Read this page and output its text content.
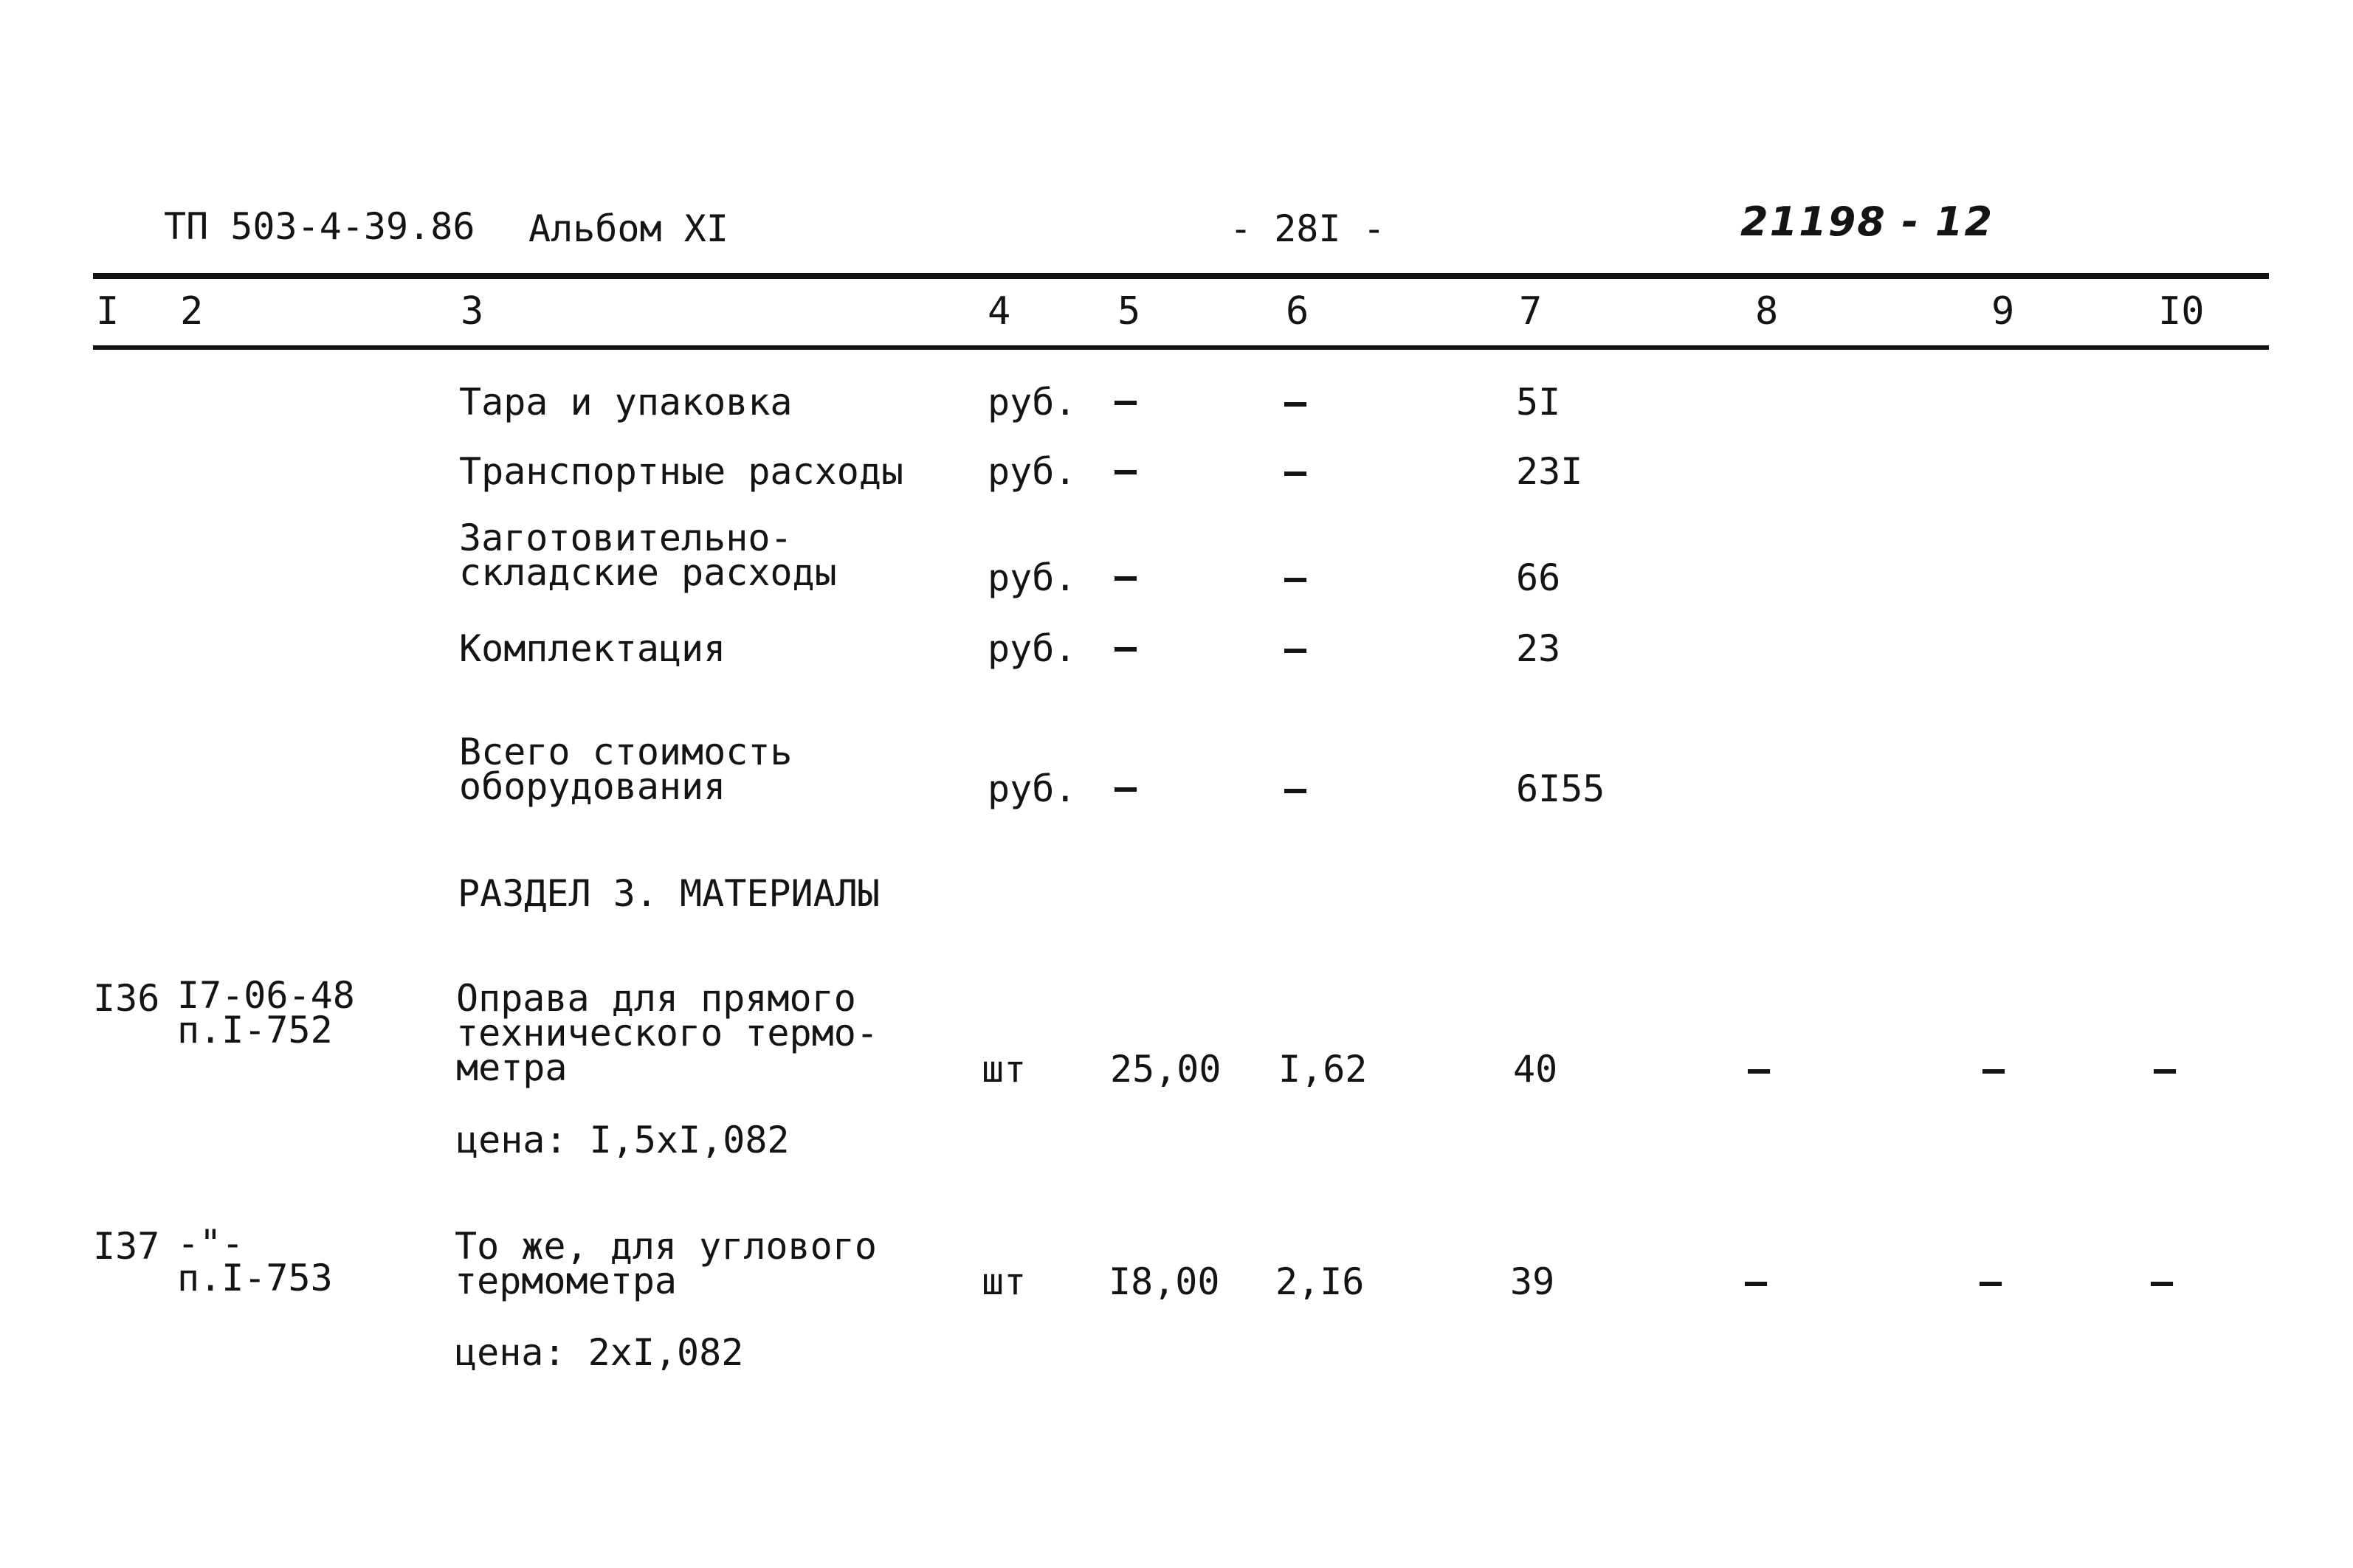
ТП 503-4-39.86 Альбом XI	- 28I -	21198 - 12
I 2	3	4	5	6	7	8	9	I0
Тара и упаковка	руб. –	–	5I
Транспортные расходы руб. –	–	23I
Заготовительно-
складские расходы	руб. –	–	66
Комплектация	руб. –	–	23
Всего стоимость
оборудования	руб. –	–	6I55
РАЗДЕЛ 3. МАТЕРИАЛЫ
I36 I7-06-48
п.I-752
Оправа для прямого
технического термо-
метра	шт 25,00 I,62	40	–	–	–
цена: I,5xI,082
I37 -"-
п.I-753
То же, для углового
термометра	шт I8,00 2,I6	39	–	–	–
цена: 2xI,082
